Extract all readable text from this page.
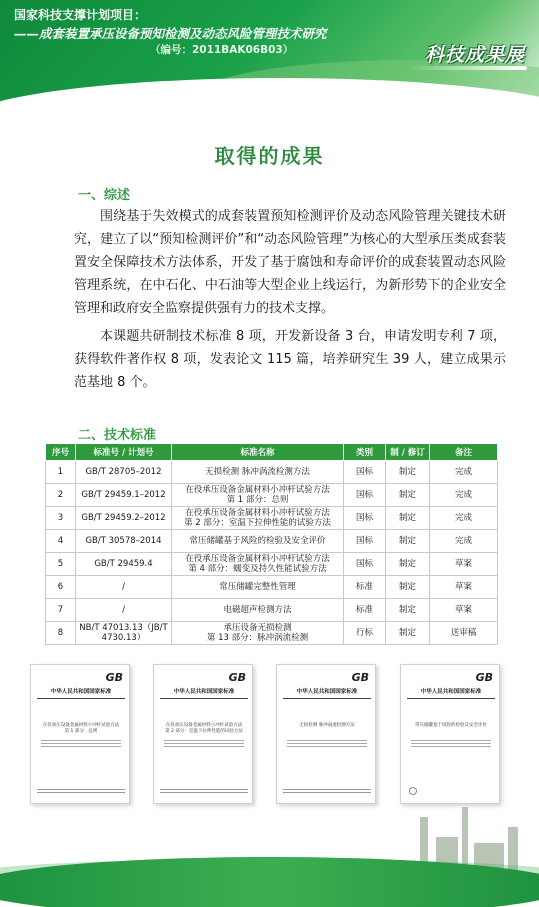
国家科技支撑计划项目：
——成套装置承压设备预知检测及动态风险管理技术研究
（编号：2011BAK06B03）	科技成果展
取得的成果
一、综述

围绕基于失效模式的成套装置预知检测评价及动态风险管理关键技术研究，建立了以“预知检测评价”和“动态风险管理”为核心的大型承压类成套装置安全保障技术方法体系，开发了基于腐蚀和寿命评价的成套装置动态风险管理系统，在中石化、中石油等大型企业上线运行，为新形势下的企业安全管理和政府安全监察提供强有力的技术支撑。

本课题共研制技术标准 8 项，开发新设备 3 台，申请发明专利 7 项，获得软件著作权 8 项，发表论文 115 篇，培养研究生 39 人，建立成果示范基地 8 个。

二、技术标准
序号	标准号 / 计划号	标准名称	类别	制 / 修订	备注
1	GB/T 28705–2012	无损检测 脉冲涡流检测方法	国标	制定	完成
2	GB/T 29459.1–2012	在役承压设备金属材料小冲杆试验方法
第 1 部分：总则	国标	制定	完成
3	GB/T 29459.2–2012	在役承压设备金属材料小冲杆试验方法
第 2 部分：室温下拉伸性能的试验方法	国标	制定	完成
4	GB/T 30578–2014	常压储罐基于风险的检验及安全评价	国标	制定	完成
5	GB/T 29459.4	在役承压设备金属材料小冲杆试验方法
第 4 部分：蠕变及持久性能试验方法	国标	制定	草案
6	/	常压储罐完整性管理	标准	制定	草案
7	/	电磁超声检测方法	标准	制定	草案
8	NB/T 47013.13（JB/T
4730.13）	承压设备无损检测
第 13 部分：脉冲涡流检测	行标	制定	送审稿
GB
中华人民共和国国家标准
在役承压设备金属材料小冲杆试验方法
第 1 部分：总则
GB
中华人民共和国国家标准
在役承压设备金属材料小冲杆试验方法
第 2 部分：室温下拉伸性能的试验方法
GB
中华人民共和国国家标准
无损检测 脉冲涡流检测方法
GB
中华人民共和国国家标准
常压储罐基于风险的检验及安全评价
